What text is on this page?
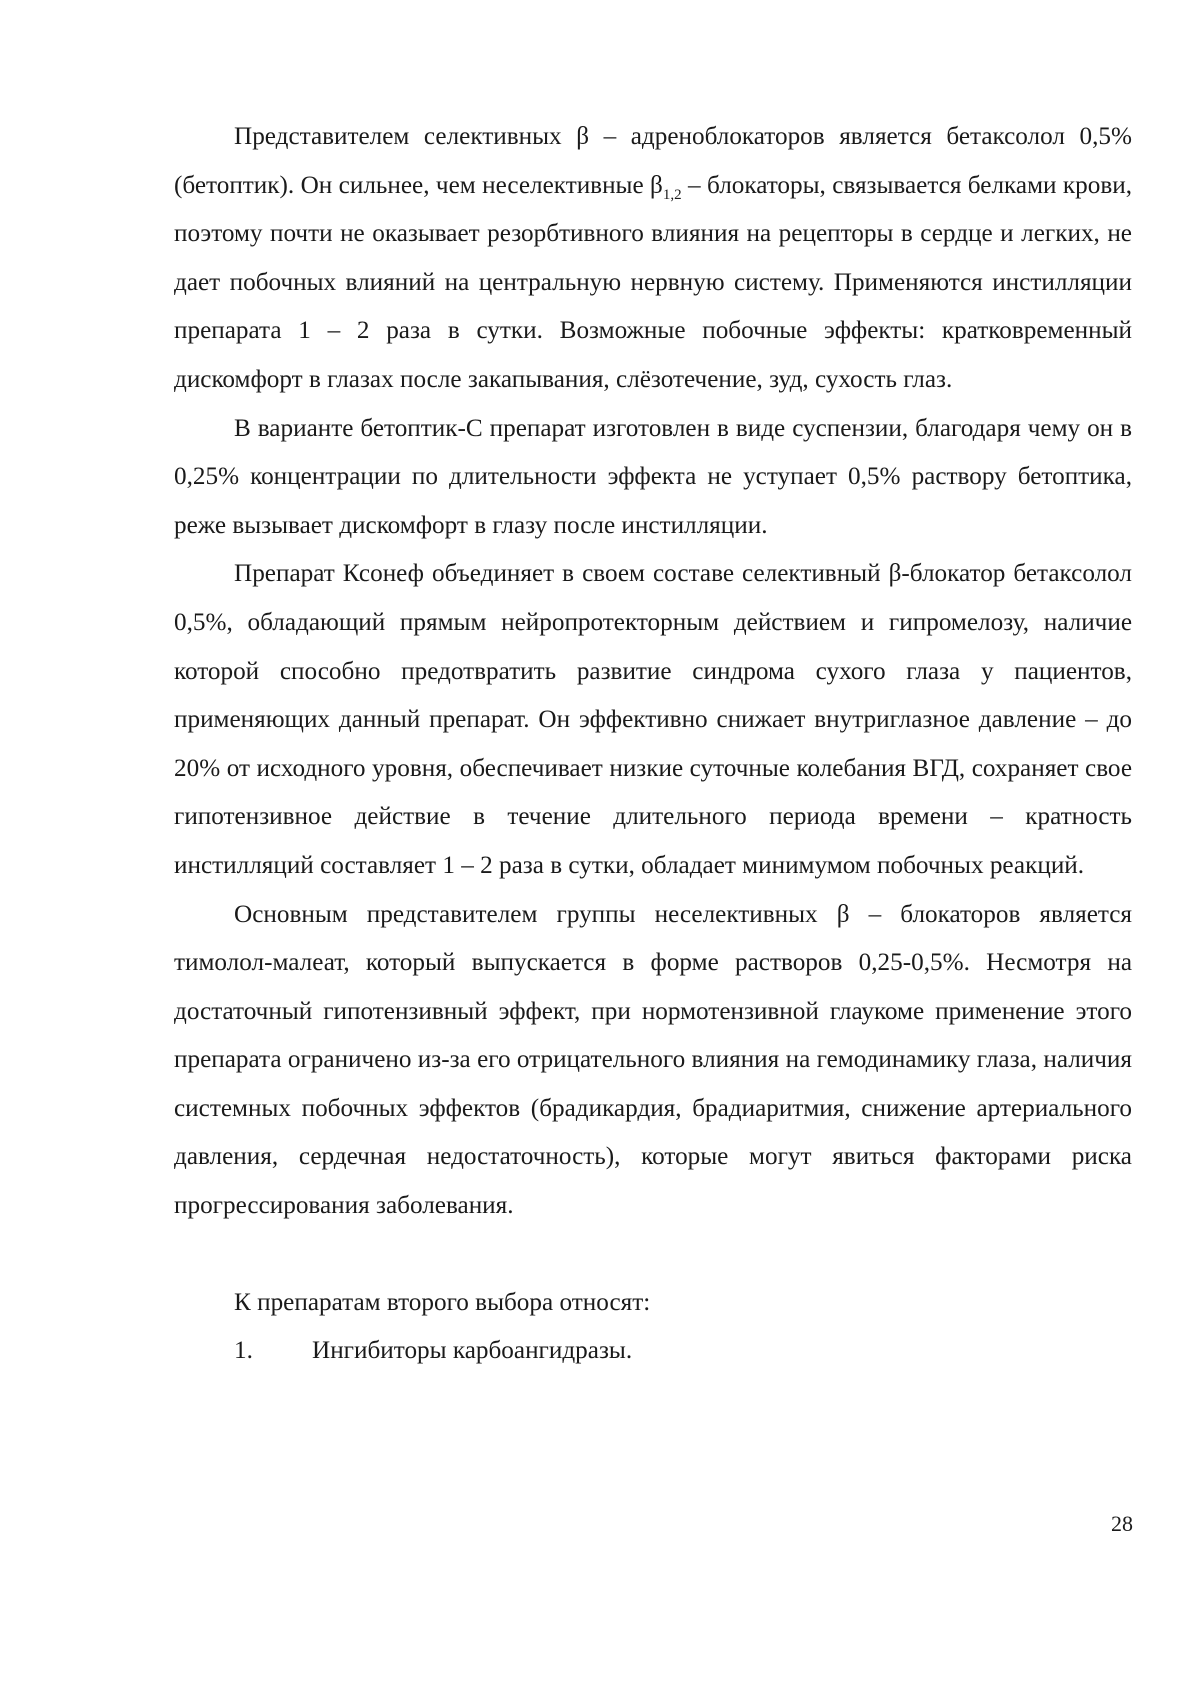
Представителем селективных β – адреноблокаторов является бетаксолол 0,5% (бетоптик). Он сильнее, чем неселективные $\beta_{1,2}$ – блокаторы, связывается белками крови, поэтому почти не оказывает резорбтивного влияния на рецепторы в сердце и легких, не дает побочных влияний на центральную нервную систему. Применяются инстилляции препарата 1 – 2 раза в сутки. Возможные побочные эффекты: кратковременный дискомфорт в глазах после закапывания, слёзотечение, зуд, сухость глаз.

В варианте бетоптик-С препарат изготовлен в виде суспензии, благодаря чему он в 0,25% концентрации по длительности эффекта не уступает 0,5% раствору бетоптика, реже вызывает дискомфорт в глазу после инстилляции.

Препарат Ксонеф объединяет в своем составе селективный β-блокатор бетаксолол 0,5%, обладающий прямым нейропротекторным действием и гипромелозу, наличие которой способно предотвратить развитие синдрома сухого глаза у пациентов, применяющих данный препарат. Он эффективно снижает внутриглазное давление – до 20% от исходного уровня, обеспечивает низкие суточные колебания ВГД, сохраняет свое гипотензивное действие в течение длительного периода времени – кратность инстилляций составляет 1 – 2 раза в сутки, обладает минимумом побочных реакций.

Основным представителем группы неселективных β – блокаторов является тимолол-малеат, который выпускается в форме растворов 0,25-0,5%. Несмотря на достаточный гипотензивный эффект, при нормотензивной глаукоме применение этого препарата ограничено из-за его отрицательного влияния на гемодинамику глаза, наличия системных побочных эффектов (брадикардия, брадиаритмия, снижение артериального давления, сердечная недостаточность), которые могут явиться факторами риска прогрессирования заболевания.

К препаратам второго выбора относят:

1.	Ингибиторы карбоангидразы.
28
